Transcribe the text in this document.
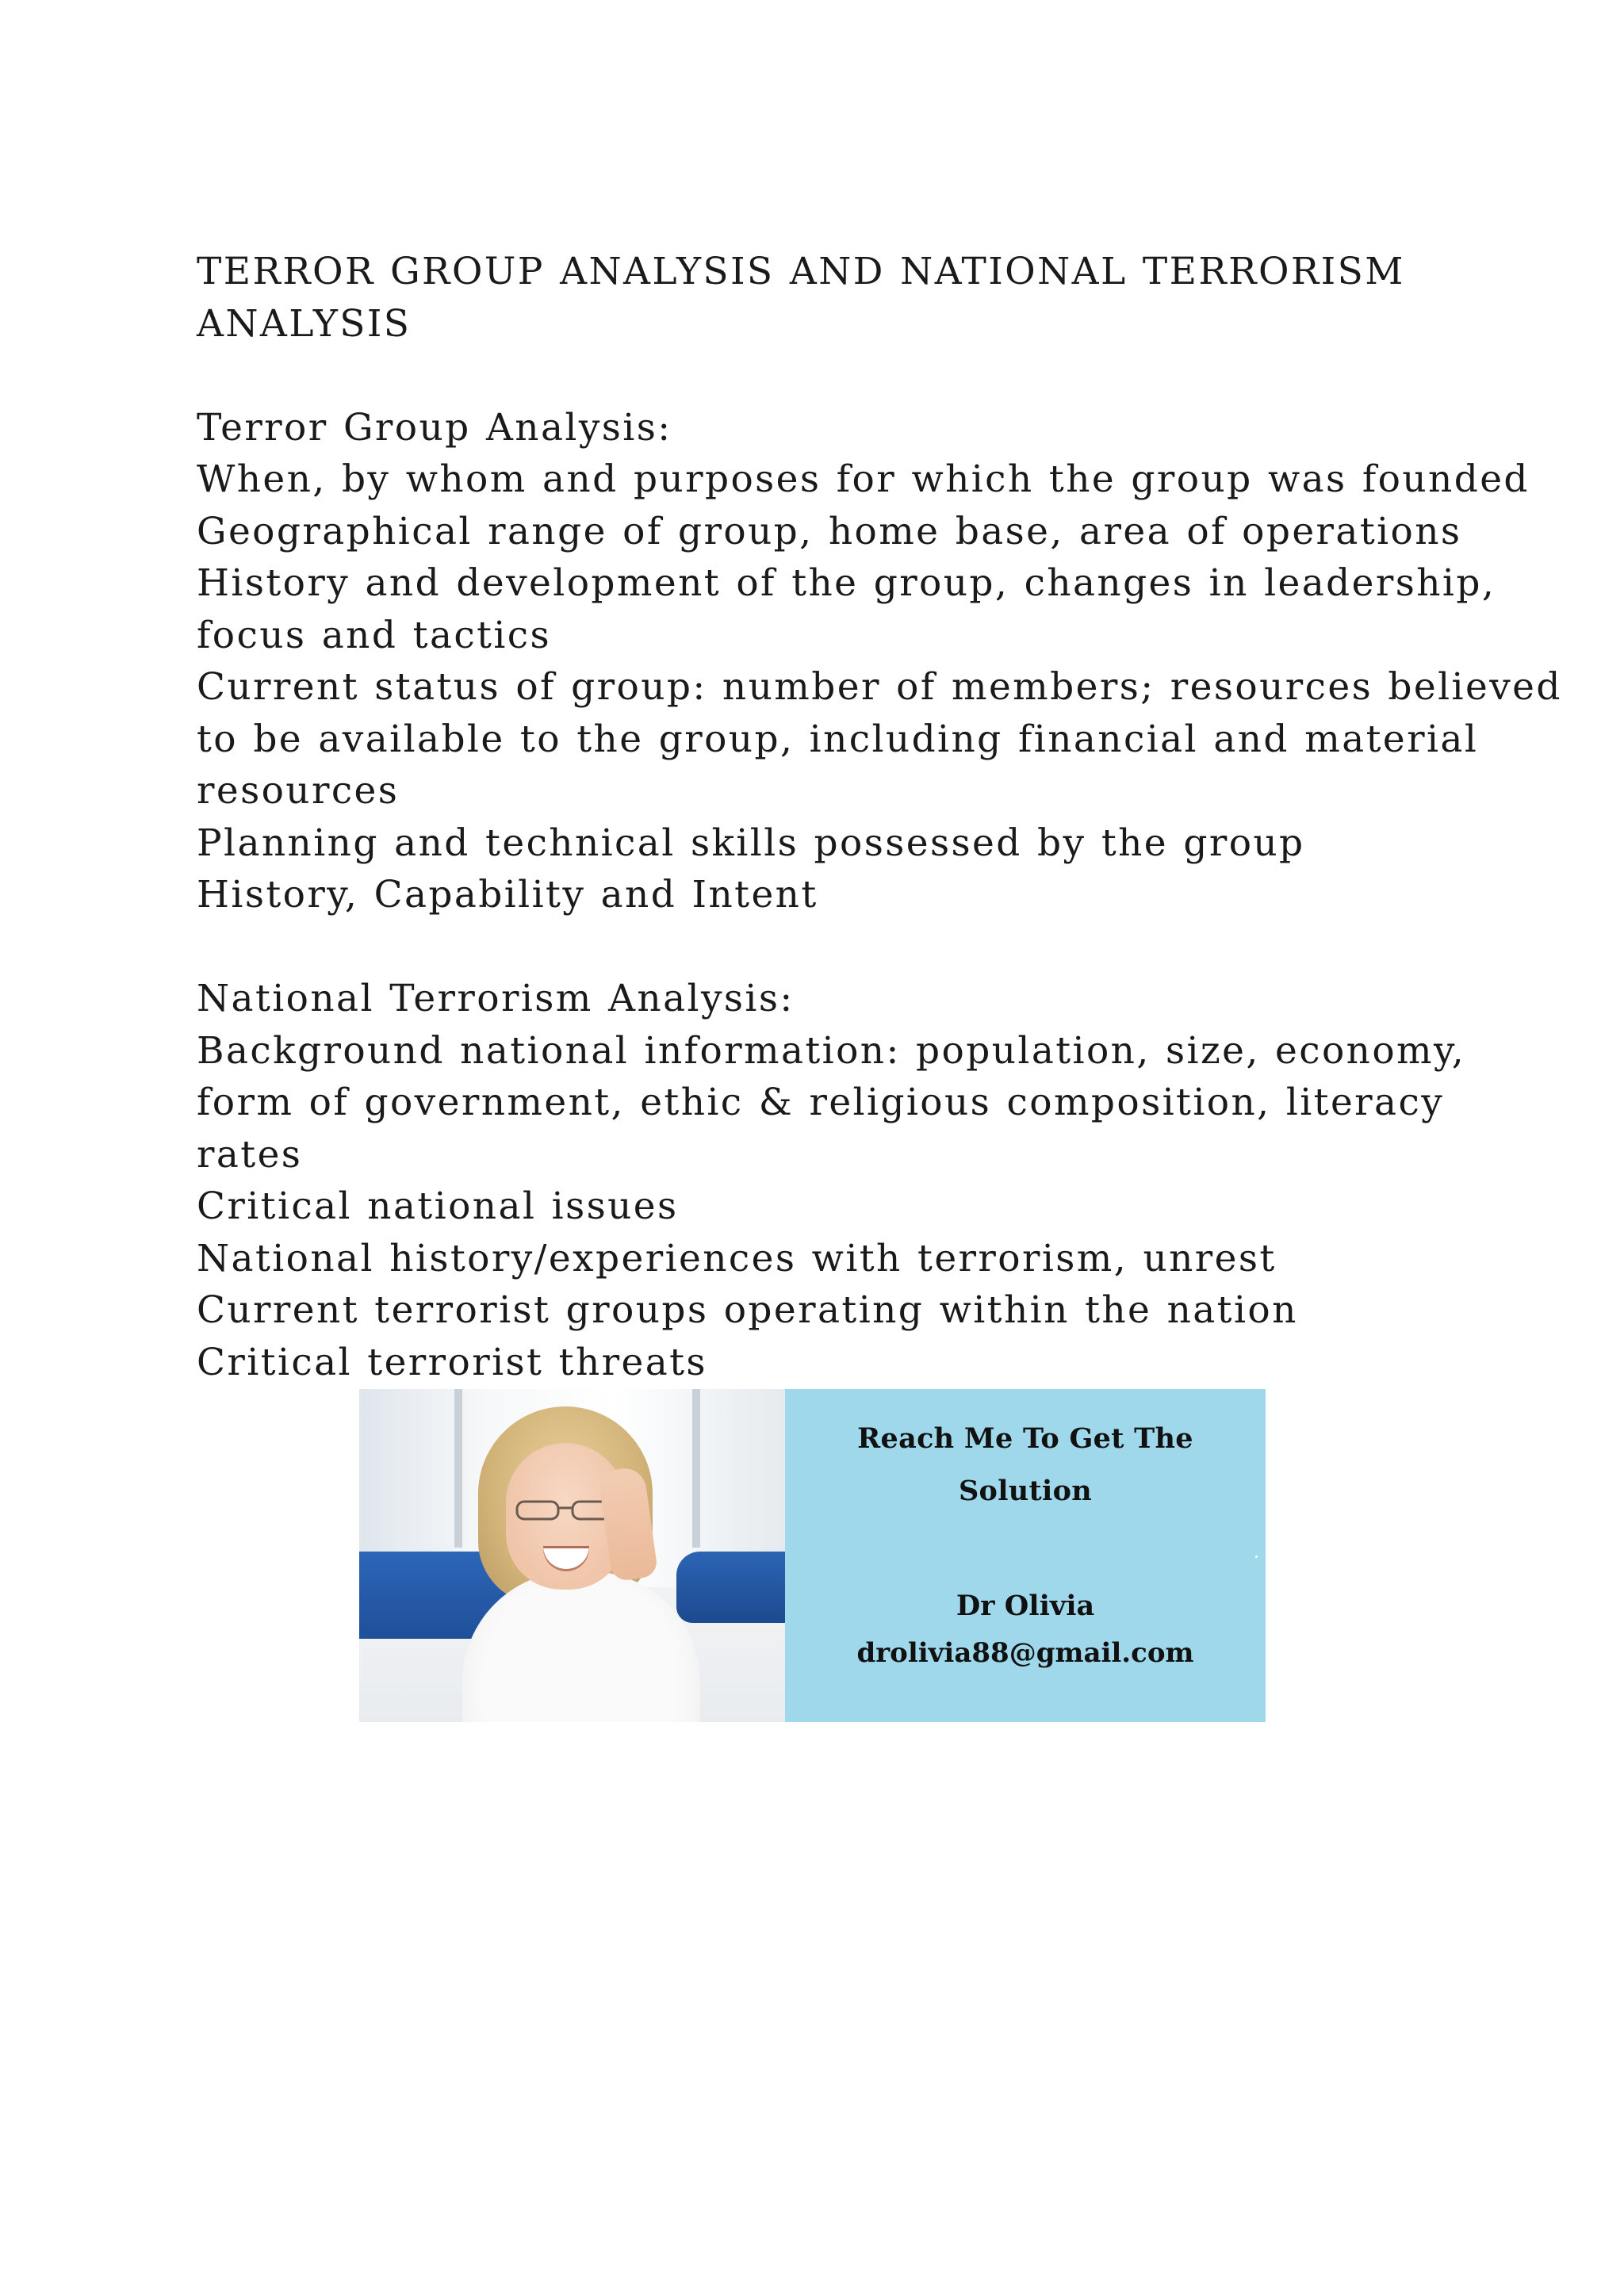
TERROR GROUP ANALYSIS AND NATIONAL TERRORISM
ANALYSIS
Terror Group Analysis:
When, by whom and purposes for which the group was founded
Geographical range of group, home base, area of operations
History and development of the group, changes in leadership,
focus and tactics
Current status of group: number of members; resources believed
to be available to the group, including financial and material
resources
Planning and technical skills possessed by the group
History, Capability and Intent
National Terrorism Analysis:
Background national information: population, size, economy,
form of government, ethic & religious composition, literacy
rates
Critical national issues
National history/experiences with terrorism, unrest
Current terrorist groups operating within the nation
Critical terrorist threats
Reach Me To Get The
Solution
Dr Olivia
drolivia88@gmail.com
